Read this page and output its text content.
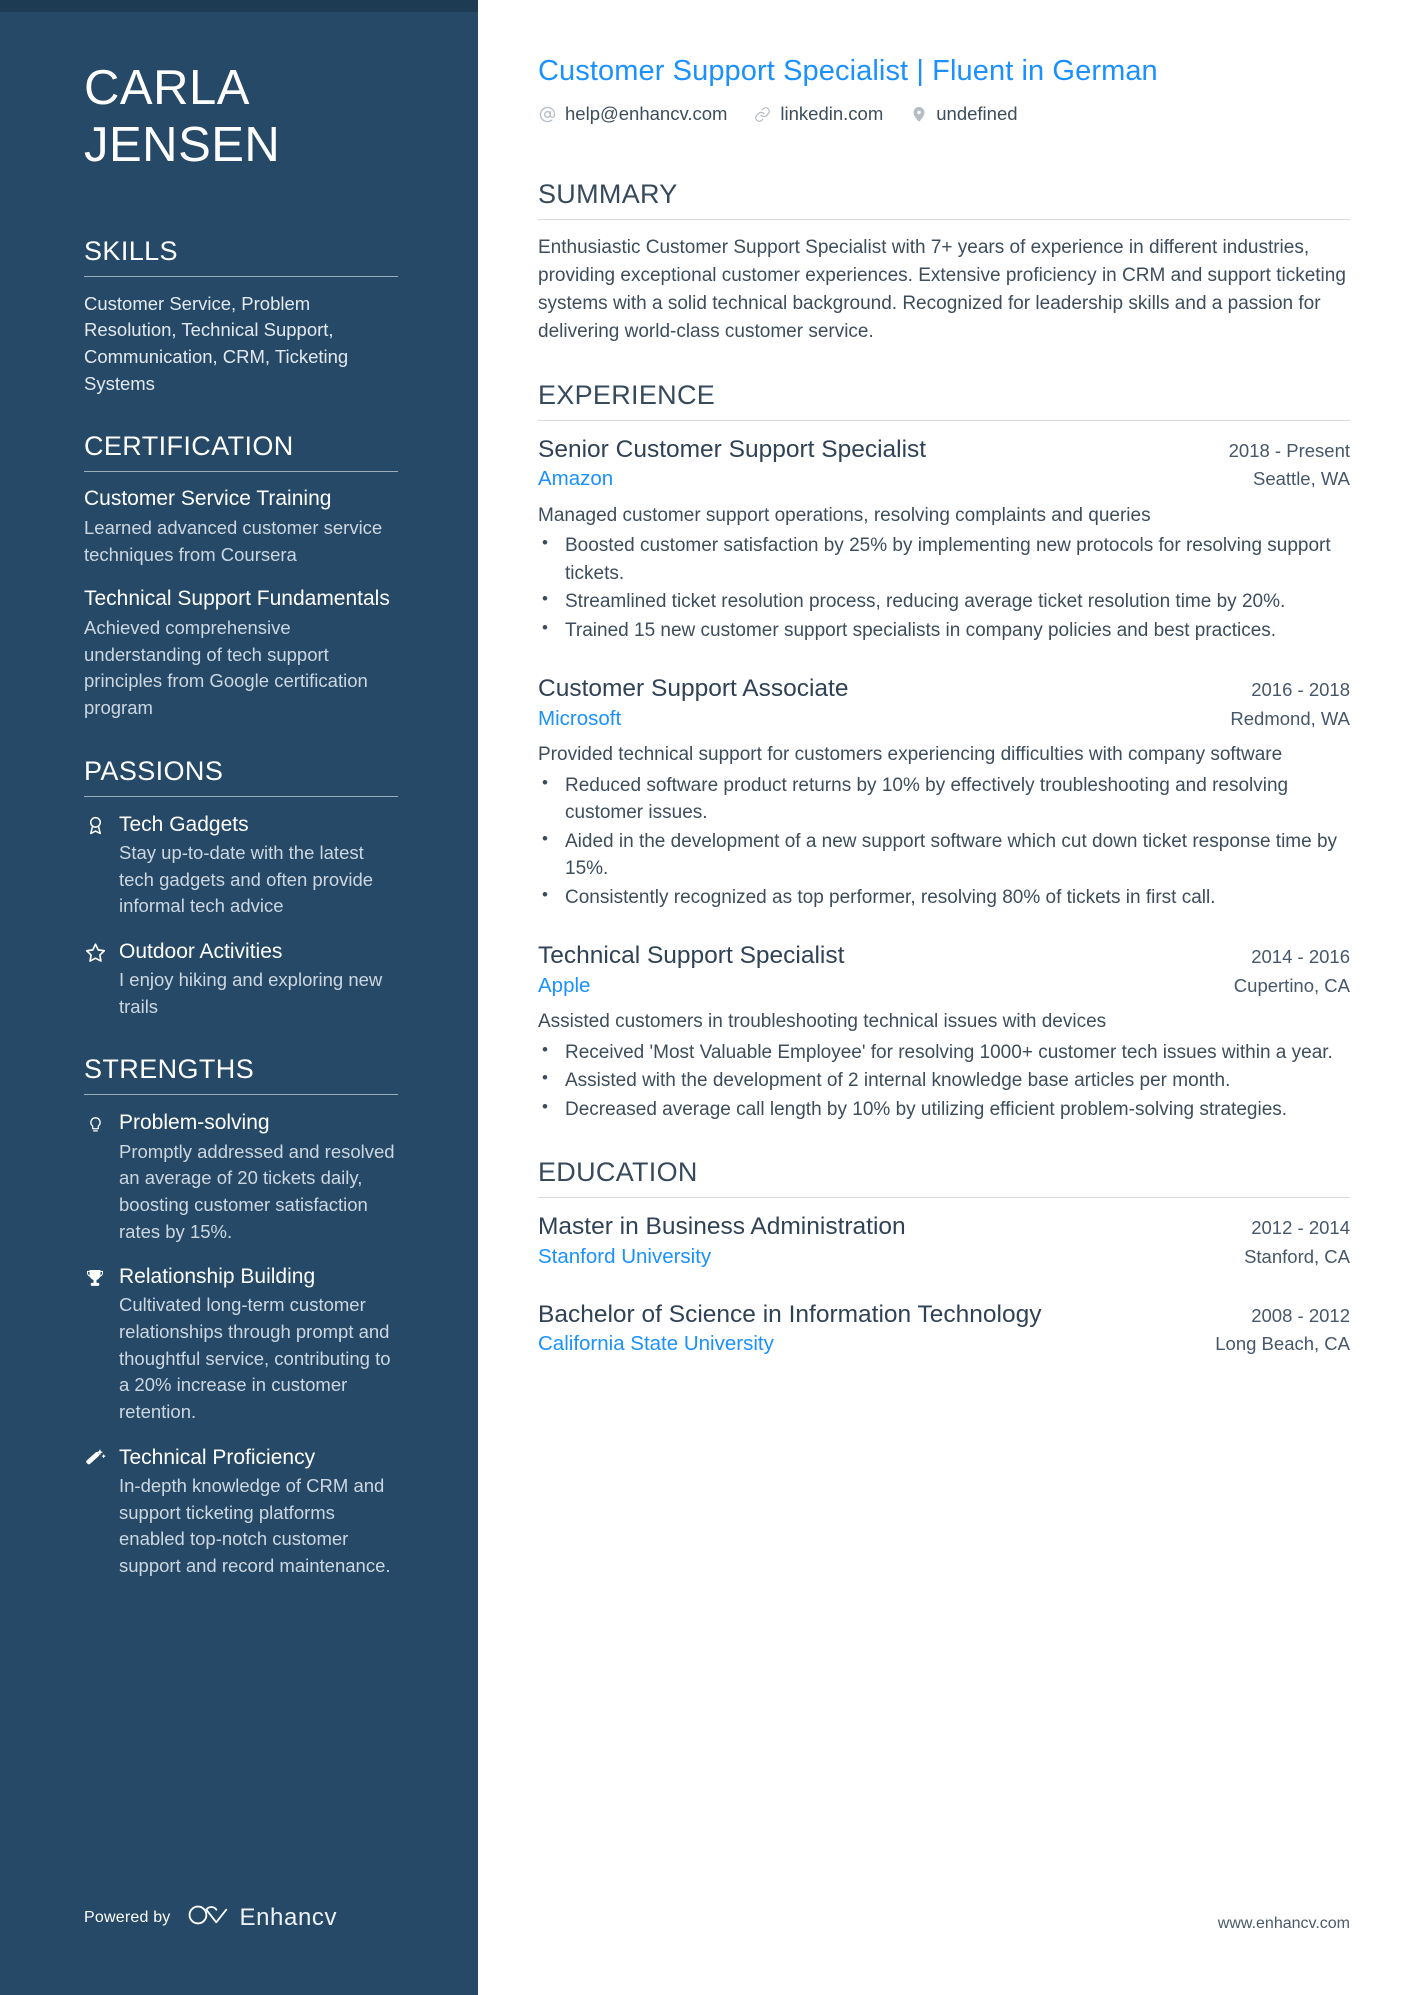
CARLA
JENSEN
SKILLS

Customer Service, Problem Resolution, Technical Support, Communication, CRM, Ticketing Systems

CERTIFICATION
Customer Service Training
Learned advanced customer service techniques from Coursera
Technical Support Fundamentals
Achieved comprehensive understanding of tech support principles from Google certification program
PASSIONS
Tech Gadgets
Stay up-to-date with the latest tech gadgets and often provide informal tech advice
Outdoor Activities
I enjoy hiking and exploring new trails
STRENGTHS
Problem-solving
Promptly addressed and resolved an average of 20 tickets daily, boosting customer satisfaction rates by 15%.
Relationship Building
Cultivated long-term customer relationships through prompt and thoughtful service, contributing to a 20% increase in customer retention.
Technical Proficiency
In-depth knowledge of CRM and support ticketing platforms enabled top-notch customer support and record maintenance.
Powered by	Enhancv
Customer Support Specialist | Fluent in German
help@enhancv.com	linkedin.com	undefined
SUMMARY

Enthusiastic Customer Support Specialist with 7+ years of experience in different industries, providing exceptional customer experiences. Extensive proficiency in CRM and support ticketing systems with a solid technical background. Recognized for leadership skills and a passion for delivering world-class customer service.

EXPERIENCE
Senior Customer Support Specialist	2018 - Present
Amazon	Seattle, WA

Managed customer support operations, resolving complaints and queries

• Boosted customer satisfaction by 25% by implementing new protocols for resolving support tickets.
• Streamlined ticket resolution process, reducing average ticket resolution time by 20%.
• Trained 15 new customer support specialists in company policies and best practices.
Customer Support Associate	2016 - 2018
Microsoft	Redmond, WA

Provided technical support for customers experiencing difficulties with company software

• Reduced software product returns by 10% by effectively troubleshooting and resolving customer issues.
• Aided in the development of a new support software which cut down ticket response time by 15%.
• Consistently recognized as top performer, resolving 80% of tickets in first call.
Technical Support Specialist	2014 - 2016
Apple	Cupertino, CA

Assisted customers in troubleshooting technical issues with devices

• Received 'Most Valuable Employee' for resolving 1000+ customer tech issues within a year.
• Assisted with the development of 2 internal knowledge base articles per month.
• Decreased average call length by 10% by utilizing efficient problem-solving strategies.
EDUCATION
Master in Business Administration	2012 - 2014
Stanford University	Stanford, CA
Bachelor of Science in Information Technology	2008 - 2012
California State University	Long Beach, CA
www.enhancv.com
